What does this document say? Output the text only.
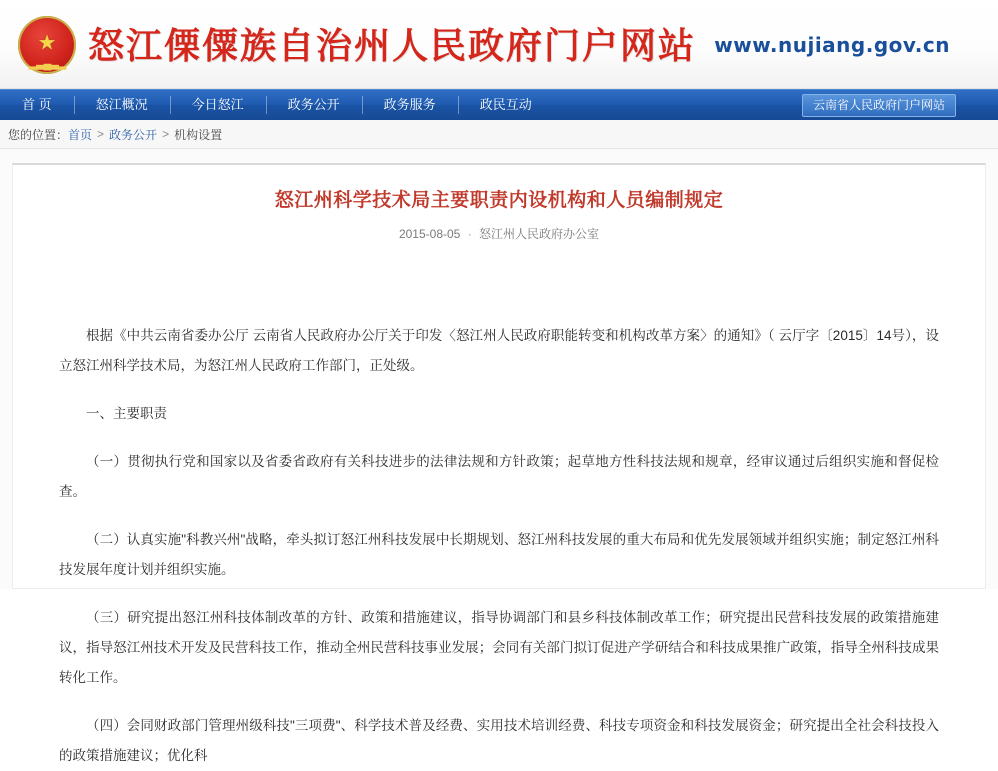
★
▂▃▄▃▂ 怒江傈僳族自治州人民政府门户网站 www.nujiang.gov.cn
首 页	怒江概况	今日怒江	政务公开	政务服务	政民互动	云南省人民政府门户网站
您的位置： 首页 > 政务公开 > 机构设置
怒江州科学技术局主要职责内设机构和人员编制规定
2015-08-05 · 怒江州人民政府办公室

根据《中共云南省委办公厅 云南省人民政府办公厅关于印发〈怒江州人民政府职能转变和机构改革方案〉的通知》（ 云厅字〔2015〕14号），设立怒江州科学技术局，为怒江州人民政府工作部门，正处级。

一、主要职责

（一）贯彻执行党和国家以及省委省政府有关科技进步的法律法规和方针政策；起草地方性科技法规和规章，经审议通过后组织实施和督促检查。

（二）认真实施"科教兴州"战略，牵头拟订怒江州科技发展中长期规划、怒江州科技发展的重大布局和优先发展领域并组织实施；制定怒江州科技发展年度计划并组织实施。

（三）研究提出怒江州科技体制改革的方针、政策和措施建议，指导协调部门和县乡科技体制改革工作；研究提出民营科技发展的政策措施建议，指导怒江州技术开发及民营科技工作，推动全州民营科技事业发展；会同有关部门拟订促进产学研结合和科技成果推广政策，指导全州科技成果转化工作。

（四）会同财政部门管理州级科技"三项费"、科学技术普及经费、实用技术培训经费、科技专项资金和科技发展资金；研究提出全社会科技投入的政策措施建议；优化科
